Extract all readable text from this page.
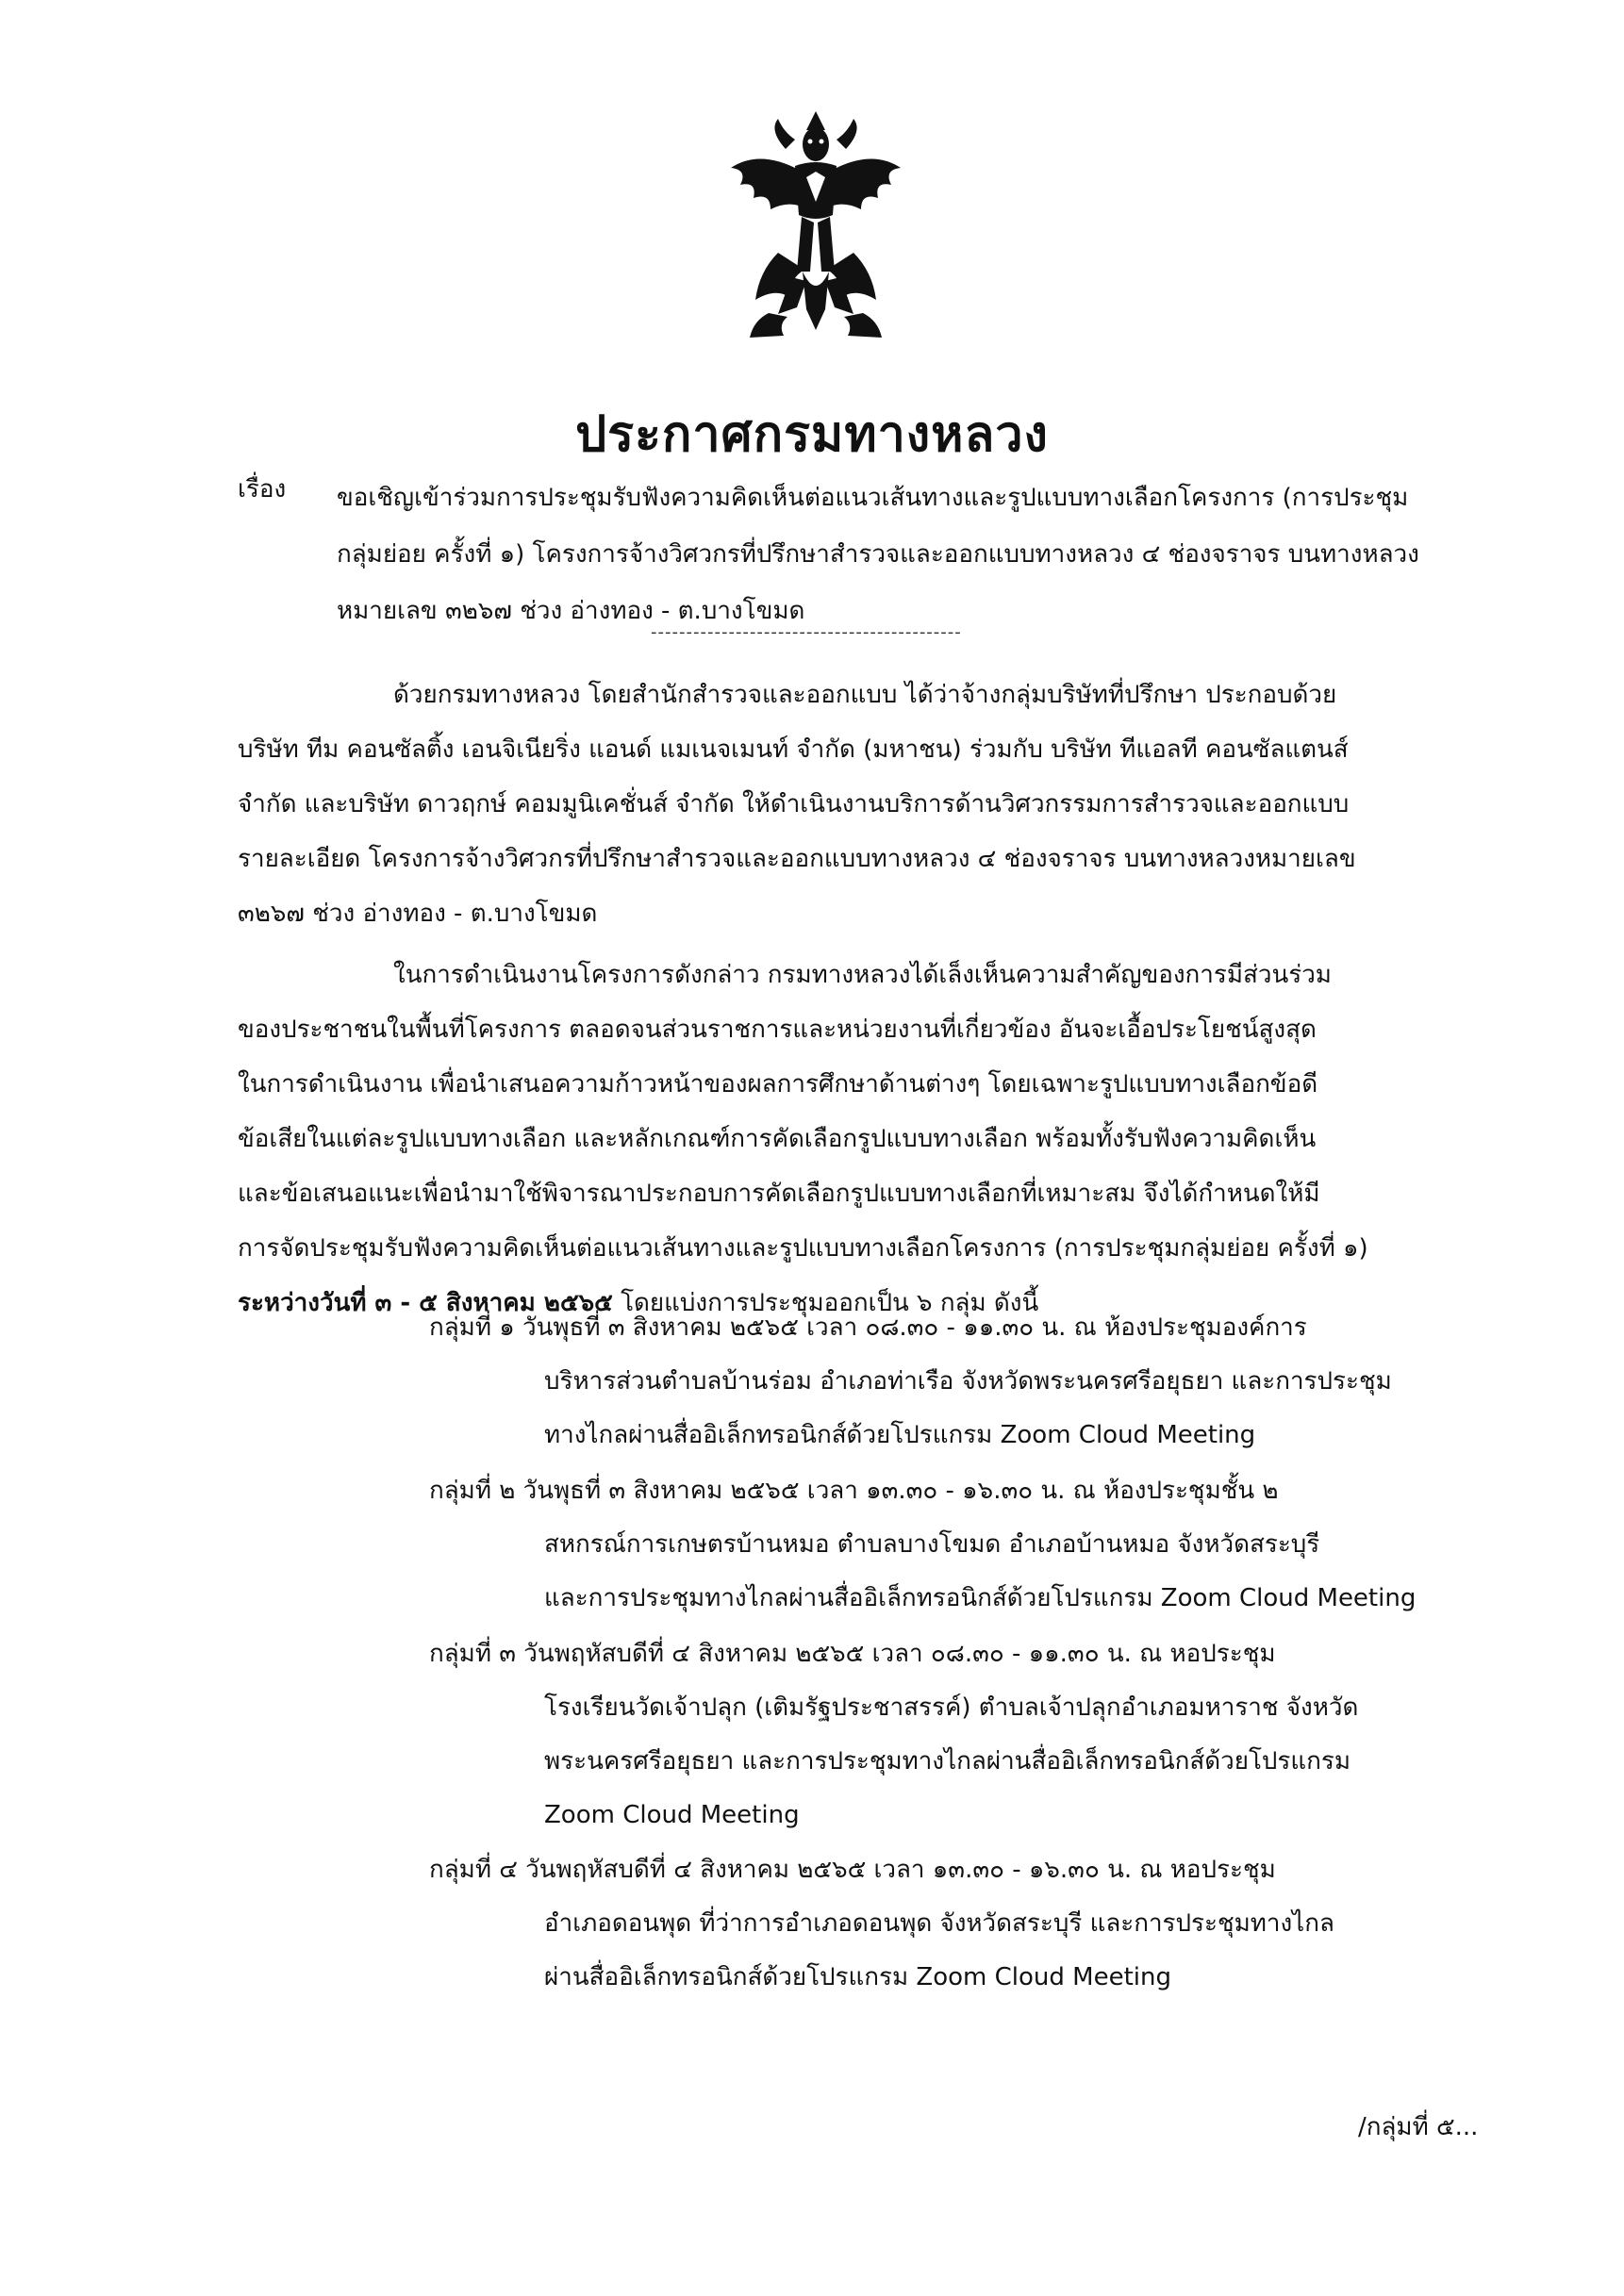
ประกาศกรมทางหลวง
เรื่อง ขอเชิญเข้าร่วมการประชุมรับฟังความคิดเห็นต่อแนวเส้นทางและรูปแบบทางเลือกโครงการ (การประชุม
กลุ่มย่อย ครั้งที่ ๑) โครงการจ้างวิศวกรที่ปรึกษาสำรวจและออกแบบทางหลวง ๔ ช่องจราจร บนทางหลวง
หมายเลข ๓๒๖๗ ช่วง อ่างทอง - ต.บางโขมด
--------------------------------------------
ด้วยกรมทางหลวง โดยสำนักสำรวจและออกแบบ ได้ว่าจ้างกลุ่มบริษัทที่ปรึกษา ประกอบด้วย
บริษัท ทีม คอนซัลติ้ง เอนจิเนียริ่ง แอนด์ แมเนจเมนท์ จำกัด (มหาชน) ร่วมกับ บริษัท ทีแอลที คอนซัลแตนส์
จำกัด และบริษัท ดาวฤกษ์ คอมมูนิเคชั่นส์ จำกัด ให้ดำเนินงานบริการด้านวิศวกรรมการสำรวจและออกแบบ
รายละเอียด โครงการจ้างวิศวกรที่ปรึกษาสำรวจและออกแบบทางหลวง ๔ ช่องจราจร บนทางหลวงหมายเลข
๓๒๖๗ ช่วง อ่างทอง - ต.บางโขมด
ในการดำเนินงานโครงการดังกล่าว กรมทางหลวงได้เล็งเห็นความสำคัญของการมีส่วนร่วม
ของประชาชนในพื้นที่โครงการ ตลอดจนส่วนราชการและหน่วยงานที่เกี่ยวข้อง อันจะเอื้อประโยชน์สูงสุด
ในการดำเนินงาน เพื่อนำเสนอความก้าวหน้าของผลการศึกษาด้านต่างๆ โดยเฉพาะรูปแบบทางเลือกข้อดี
ข้อเสียในแต่ละรูปแบบทางเลือก และหลักเกณฑ์การคัดเลือกรูปแบบทางเลือก พร้อมทั้งรับฟังความคิดเห็น
และข้อเสนอแนะเพื่อนำมาใช้พิจารณาประกอบการคัดเลือกรูปแบบทางเลือกที่เหมาะสม จึงได้กำหนดให้มี
การจัดประชุมรับฟังความคิดเห็นต่อแนวเส้นทางและรูปแบบทางเลือกโครงการ (การประชุมกลุ่มย่อย ครั้งที่ ๑)
ระหว่างวันที่ ๓ - ๕ สิงหาคม ๒๕๖๕ โดยแบ่งการประชุมออกเป็น ๖ กลุ่ม ดังนี้
กลุ่มที่ ๑ วันพุธที่ ๓ สิงหาคม ๒๕๖๕ เวลา ๐๘.๓๐ - ๑๑.๓๐ น. ณ ห้องประชุมองค์การ
บริหารส่วนตำบลบ้านร่อม อำเภอท่าเรือ จังหวัดพระนครศรีอยุธยา และการประชุม
ทางไกลผ่านสื่ออิเล็กทรอนิกส์ด้วยโปรแกรม Zoom Cloud Meeting
กลุ่มที่ ๒ วันพุธที่ ๓ สิงหาคม ๒๕๖๕ เวลา ๑๓.๓๐ - ๑๖.๓๐ น. ณ ห้องประชุมชั้น ๒
สหกรณ์การเกษตรบ้านหมอ ตำบลบางโขมด อำเภอบ้านหมอ จังหวัดสระบุรี
และการประชุมทางไกลผ่านสื่ออิเล็กทรอนิกส์ด้วยโปรแกรม Zoom Cloud Meeting
กลุ่มที่ ๓ วันพฤหัสบดีที่ ๔ สิงหาคม ๒๕๖๕ เวลา ๐๘.๓๐ - ๑๑.๓๐ น. ณ หอประชุม
โรงเรียนวัดเจ้าปลุก (เติมรัฐประชาสรรค์) ตำบลเจ้าปลุกอำเภอมหาราช จังหวัด
พระนครศรีอยุธยา และการประชุมทางไกลผ่านสื่ออิเล็กทรอนิกส์ด้วยโปรแกรม
Zoom Cloud Meeting
กลุ่มที่ ๔ วันพฤหัสบดีที่ ๔ สิงหาคม ๒๕๖๕ เวลา ๑๓.๓๐ - ๑๖.๓๐ น. ณ หอประชุม
อำเภอดอนพุด ที่ว่าการอำเภอดอนพุด จังหวัดสระบุรี และการประชุมทางไกล
ผ่านสื่ออิเล็กทรอนิกส์ด้วยโปรแกรม Zoom Cloud Meeting
/กลุ่มที่ ๕...
